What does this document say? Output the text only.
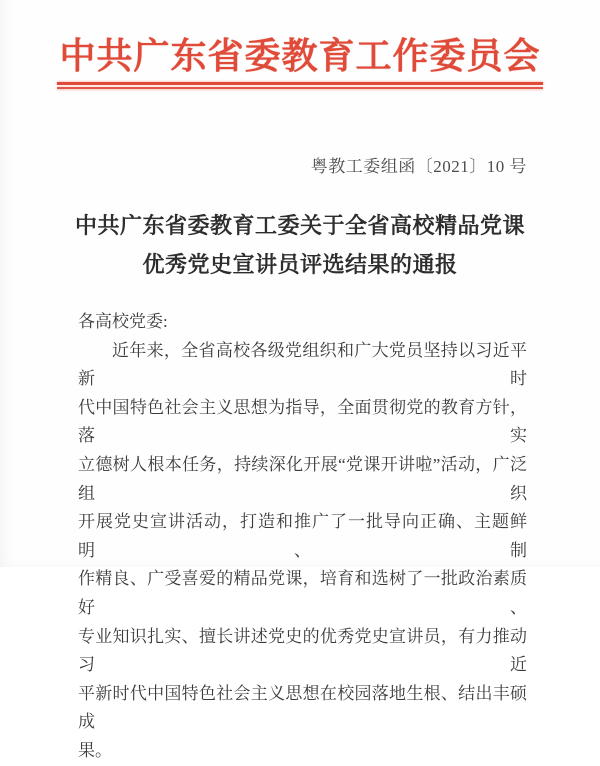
中共广东省委教育工作委员会
粤教工委组函〔2021〕10 号
中共广东省委教育工委关于全省高校精品党课
优秀党史宣讲员评选结果的通报
各高校党委:
近年来，全省高校各级党组织和广大党员坚持以习近平新时
代中国特色社会主义思想为指导，全面贯彻党的教育方针，落实
立德树人根本任务，持续深化开展“党课开讲啦”活动，广泛组织
开展党史宣讲活动，打造和推广了一批导向正确、主题鲜明、制
作精良、广受喜爱的精品党课，培育和选树了一批政治素质好、
专业知识扎实、擅长讲述党史的优秀党史宣讲员，有力推动习近
平新时代中国特色社会主义思想在校园落地生根、结出丰硕成
果。
